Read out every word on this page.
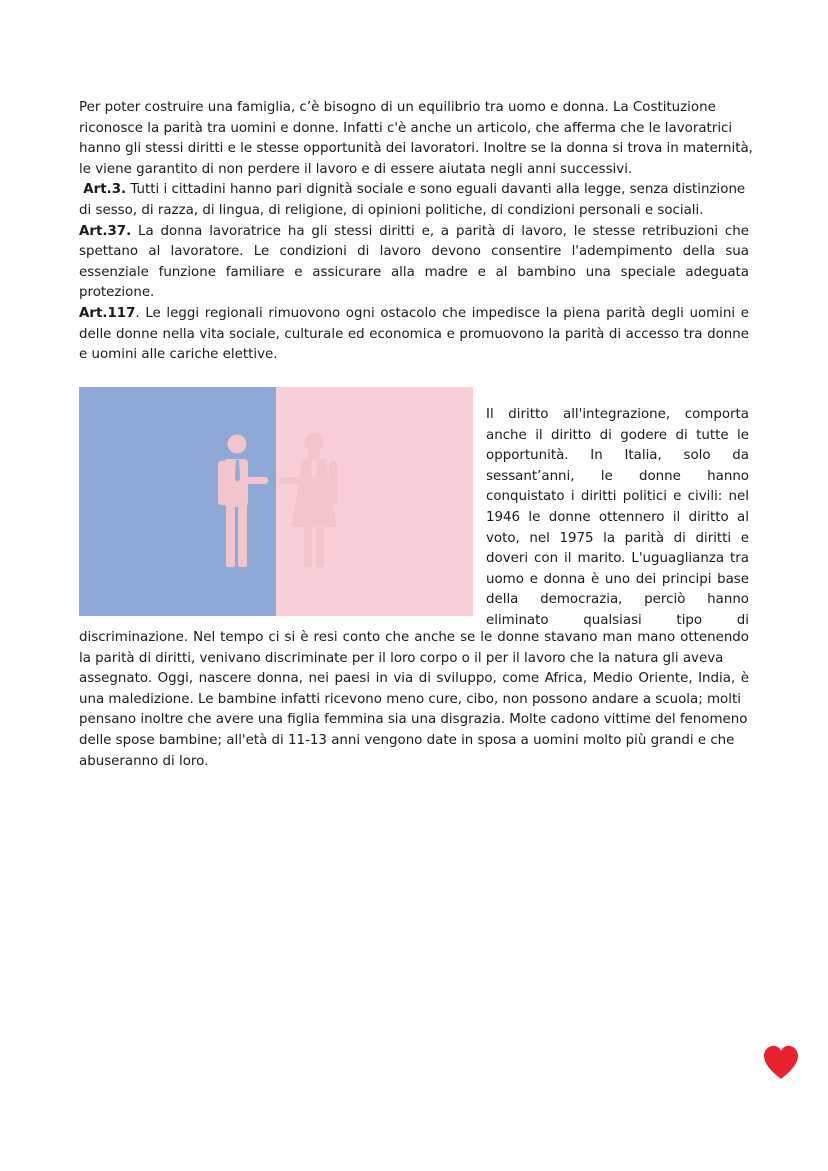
Per poter costruire una famiglia, c’è bisogno di un equilibrio tra uomo e donna. La Costituzione
riconosce la parità tra uomini e donne. Infatti c'è anche un articolo, che afferma che le lavoratrici
hanno gli stessi diritti e le stesse opportunità dei lavoratori. Inoltre se la donna si trova in maternità,
le viene garantito di non perdere il lavoro e di essere aiutata negli anni successivi.
Art.3. Tutti i cittadini hanno pari dignità sociale e sono eguali davanti alla legge, senza distinzione
di sesso, di razza, di lingua, di religione, di opinioni politiche, di condizioni personali e sociali.
Art.37. La donna lavoratrice ha gli stessi diritti e, a parità di lavoro, le stesse retribuzioni che
spettano al lavoratore. Le condizioni di lavoro devono consentire l'adempimento della sua
essenziale funzione familiare e assicurare alla madre e al bambino una speciale adeguata
protezione.
Art.117. Le leggi regionali rimuovono ogni ostacolo che impedisce la piena parità degli uomini e
delle donne nella vita sociale, culturale ed economica e promuovono la parità di accesso tra donne
e uomini alle cariche elettive.
Il diritto all'integrazione, comporta
anche il diritto di godere di tutte le
opportunità. In Italia, solo da
sessant’anni, le donne hanno
conquistato i diritti politici e civili: nel
1946 le donne ottennero il diritto al
voto, nel 1975 la parità di diritti e
doveri con il marito. L'uguaglianza tra
uomo e donna è uno dei principi base
della democrazia, perciò hanno
eliminato qualsiasi tipo di
discriminazione. Nel tempo ci si è resi conto che anche se le donne stavano man mano ottenendo
la parità di diritti, venivano discriminate per il loro corpo o il per il lavoro che la natura gli aveva
assegnato. Oggi, nascere donna, nei paesi in via di sviluppo, come Africa, Medio Oriente, India, è
una maledizione. Le bambine infatti ricevono meno cure, cibo, non possono andare a scuola; molti
pensano inoltre che avere una figlia femmina sia una disgrazia. Molte cadono vittime del fenomeno
delle spose bambine; all'età di 11-13 anni vengono date in sposa a uomini molto più grandi e che
abuseranno di loro.
